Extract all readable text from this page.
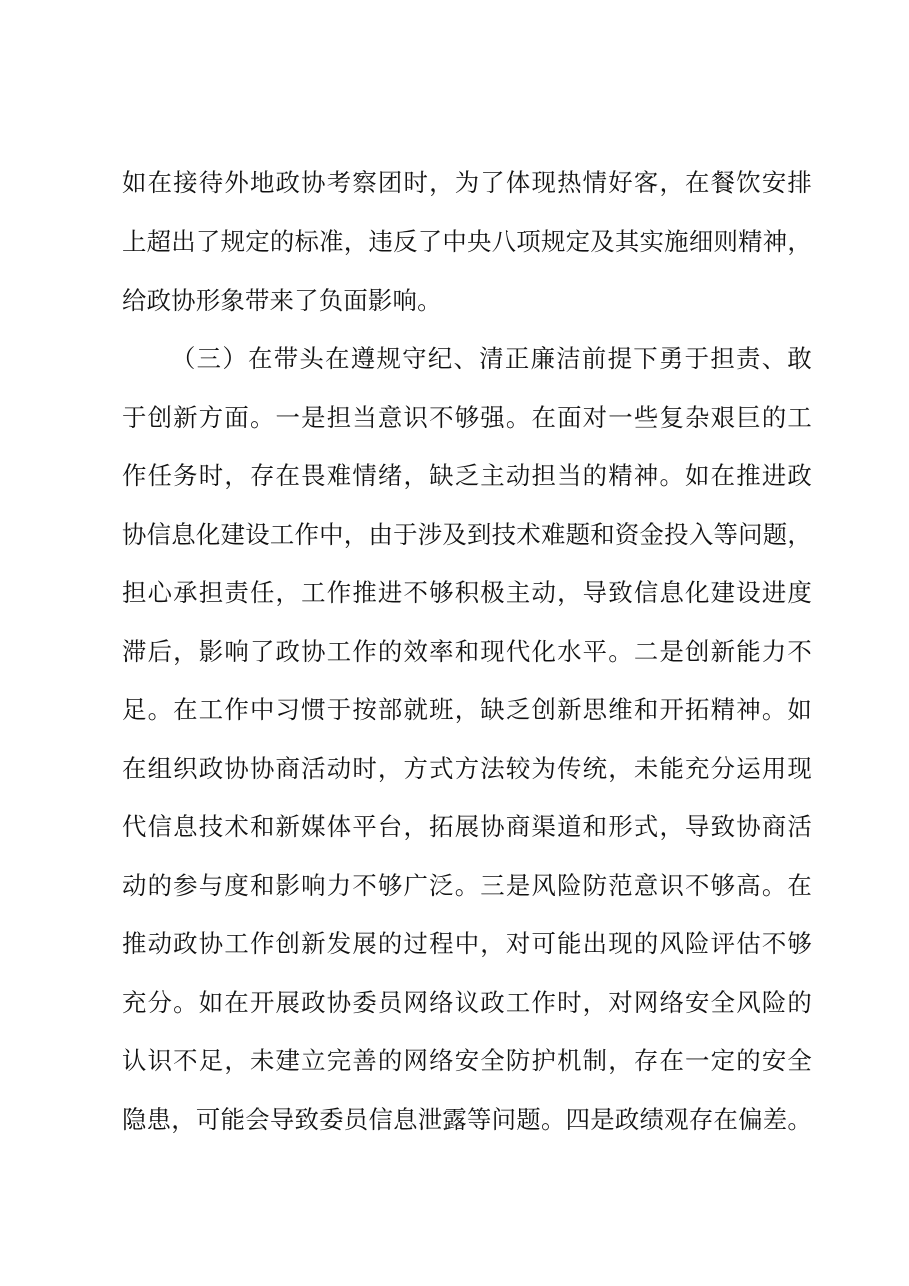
如在接待外地政协考察团时，为了体现热情好客，在餐饮安排
上超出了规定的标准，违反了中央八项规定及其实施细则精神，
给政协形象带来了负面影响。
（三）在带头在遵规守纪、清正廉洁前提下勇于担责、敢
于创新方面。一是担当意识不够强。在面对一些复杂艰巨的工
作任务时，存在畏难情绪，缺乏主动担当的精神。如在推进政
协信息化建设工作中，由于涉及到技术难题和资金投入等问题，
担心承担责任，工作推进不够积极主动，导致信息化建设进度
滞后，影响了政协工作的效率和现代化水平。二是创新能力不
足。在工作中习惯于按部就班，缺乏创新思维和开拓精神。如
在组织政协协商活动时，方式方法较为传统，未能充分运用现
代信息技术和新媒体平台，拓展协商渠道和形式，导致协商活
动的参与度和影响力不够广泛。三是风险防范意识不够高。在
推动政协工作创新发展的过程中，对可能出现的风险评估不够
充分。如在开展政协委员网络议政工作时，对网络安全风险的
认识不足，未建立完善的网络安全防护机制，存在一定的安全
隐患，可能会导致委员信息泄露等问题。四是政绩观存在偏差。
